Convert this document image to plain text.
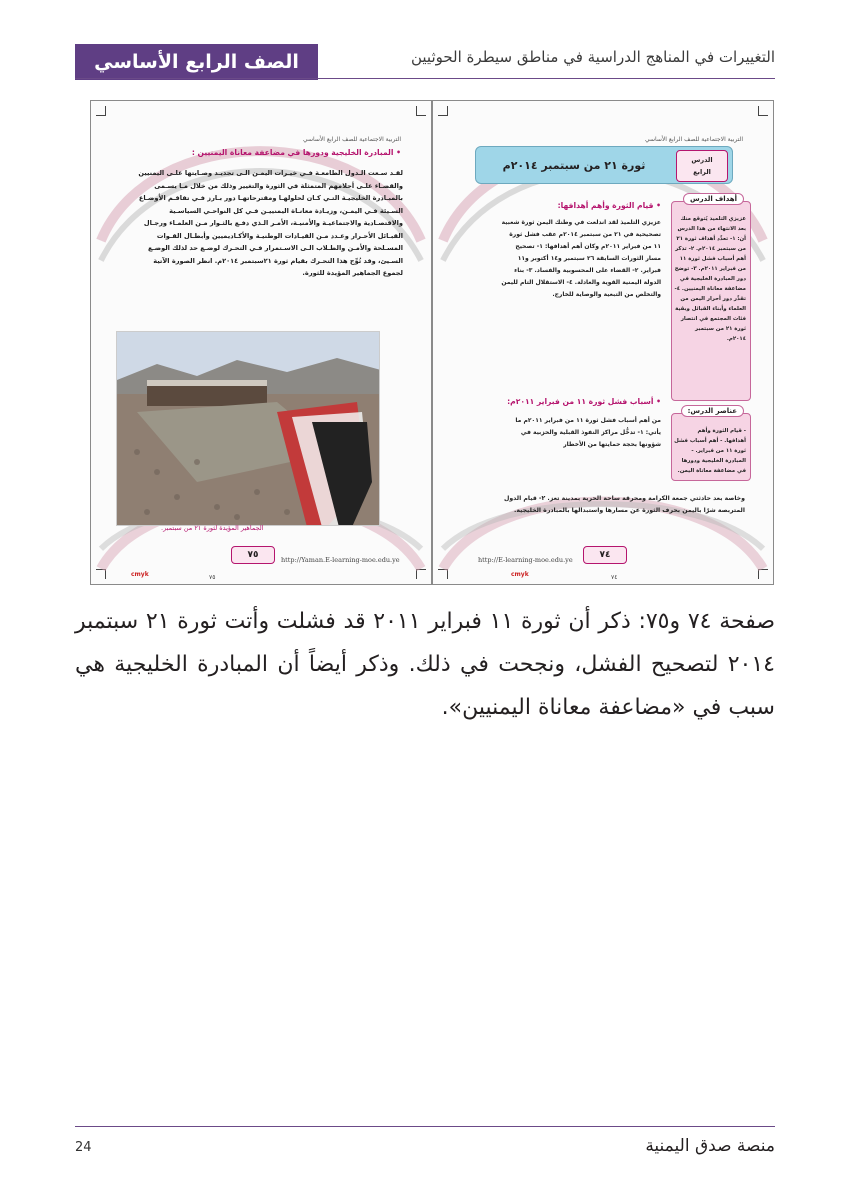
الصف الرابع الأساسي	التغييرات في المناهج الدراسية في مناطق سيطرة الحوثيين
التربية الاجتماعية للصف الرابع الأساسي
• المبادرة الخليجية ودورها في مضاعفة معاناة اليمنيين :
لقـد سـعت الـدول الطامعـة فـي خيـرات اليمـن الـى تجديـد وصـايتها علـى اليمنيين والقضـاء علـى أحلامهم المتمثلة في الثورة والتغيير وذلك من خلال مـا يسـمى بالمبـادرة الخليجيـة التـي كـان لحلولهـا ومقترحاتهـا دور بـارز فـي تفاقـم الأوضـاع السـيئة فـي اليمـن، وزيـادة معانـاة اليمنييـن فـي كل النواحـي السياسـية والاقتصـادية والاجتماعيـة والأمنيـة، الأمـر الـذي دفـع بالثـوار مـن العلمـاء ورجـال القبـائل الأحـرار وعـدد مـن القيـادات الوطنيـة والأكـاديميين وأبطـال القـوات المسـلحة والأمـن والطـلاب الـى الاسـتمرار فـي التحـرك لوضـع حد لذلك الوضـع السـيئ، وقد تُوِّج هذا التحـرك بقيام ثورة ٢١سبتمبر ٢٠١٤م. انظر الصورة الآتية لجموع الجماهير المؤيدة للثورة.
الجماهير المؤيدة لثورة ٢١ من سبتمبر.
٧٥	http://Yaman.E-learning-moe.edu.ye
cmyk	٧٥
التربية الاجتماعية للصف الرابع الأساسي
ثورة ٢١ من سبتمبر ٢٠١٤م	الدرس
الرابع
أهداف الدرس
عزيزي التلميذ يُتوقع منك بعد الانتهاء من هذا الدرس أن: ١- تعدِّد أهداف ثورة ٢١ من سبتمبر ٢٠١٤م. ٢- تذكر أهم أسباب فشل ثورة ١١ من فبراير ٢٠١١م. ٣- توضح دور المبادرة الخليجية في مضاعفة معاناة اليمنيين. ٤- تقدِّر دور أحرار اليمن من العلماء وأبناء القبائل وبقية فئات المجتمع في انتصار ثورة ٢١ من سبتمبر ٢٠١٤م.
عناصر الدرس:
- قيام الثورة وأهم أهدافها. - أهم أسباب فشل ثورة ١١ من فبراير. - المبادرة الخليجية ودورها في مضاعفة معاناة اليمن.
• قيام الثورة وأهم أهدافها:
عزيزي التلميذ لقد اندلعت في وطنك اليمن ثورة شعبية تصحيحية في ٢١ من سبتمبر ٢٠١٤م عقب فشل ثورة ١١ من فبراير ٢٠١١م وكان أهم أهدافها: ١- تصحيح مسار الثورات السابقة ٢٦ سبتمبر و١٤ أكتوبر و١١ فبراير. ٢- القضاء على المحسوبية والفساد. ٣- بناء الدولة اليمنية القوية والعادلة. ٤- الاستقلال التام لليمن والتخلص من التبعية والوصاية للخارج.
• أسباب فشل ثورة ١١ من فبراير ٢٠١١م:
من أهم أسباب فشل ثورة ١١ من فبراير ٢٠١١م ما يأتي: ١- تدخُّل مراكز النفوذ القبلية والحزبية في شؤونها بحجة حمايتها من الأخطار
وخاصة بعد حادثتي جمعة الكرامة ومحرقة ساحة الحرية بمدينة تعز. ٢- قيام الدول المتربصة شرًا باليمن بحرف الثورة عن مسارها واستبدالها بالمبادرة الخليجية.
٧٤
http://E-learning-moe.edu.ye
cmyk	٧٤
صفحة ٧٤ و٧٥: ذكر أن ثورة ١١ فبراير ٢٠١١ قد فشلت وأتت ثورة ٢١ سبتمبر ٢٠١٤ لتصحيح الفشل، ونجحت في ذلك. وذكر أيضاً أن المبادرة الخليجية هي سبب في «مضاعفة معاناة اليمنيين».
24	منصة صدق اليمنية
